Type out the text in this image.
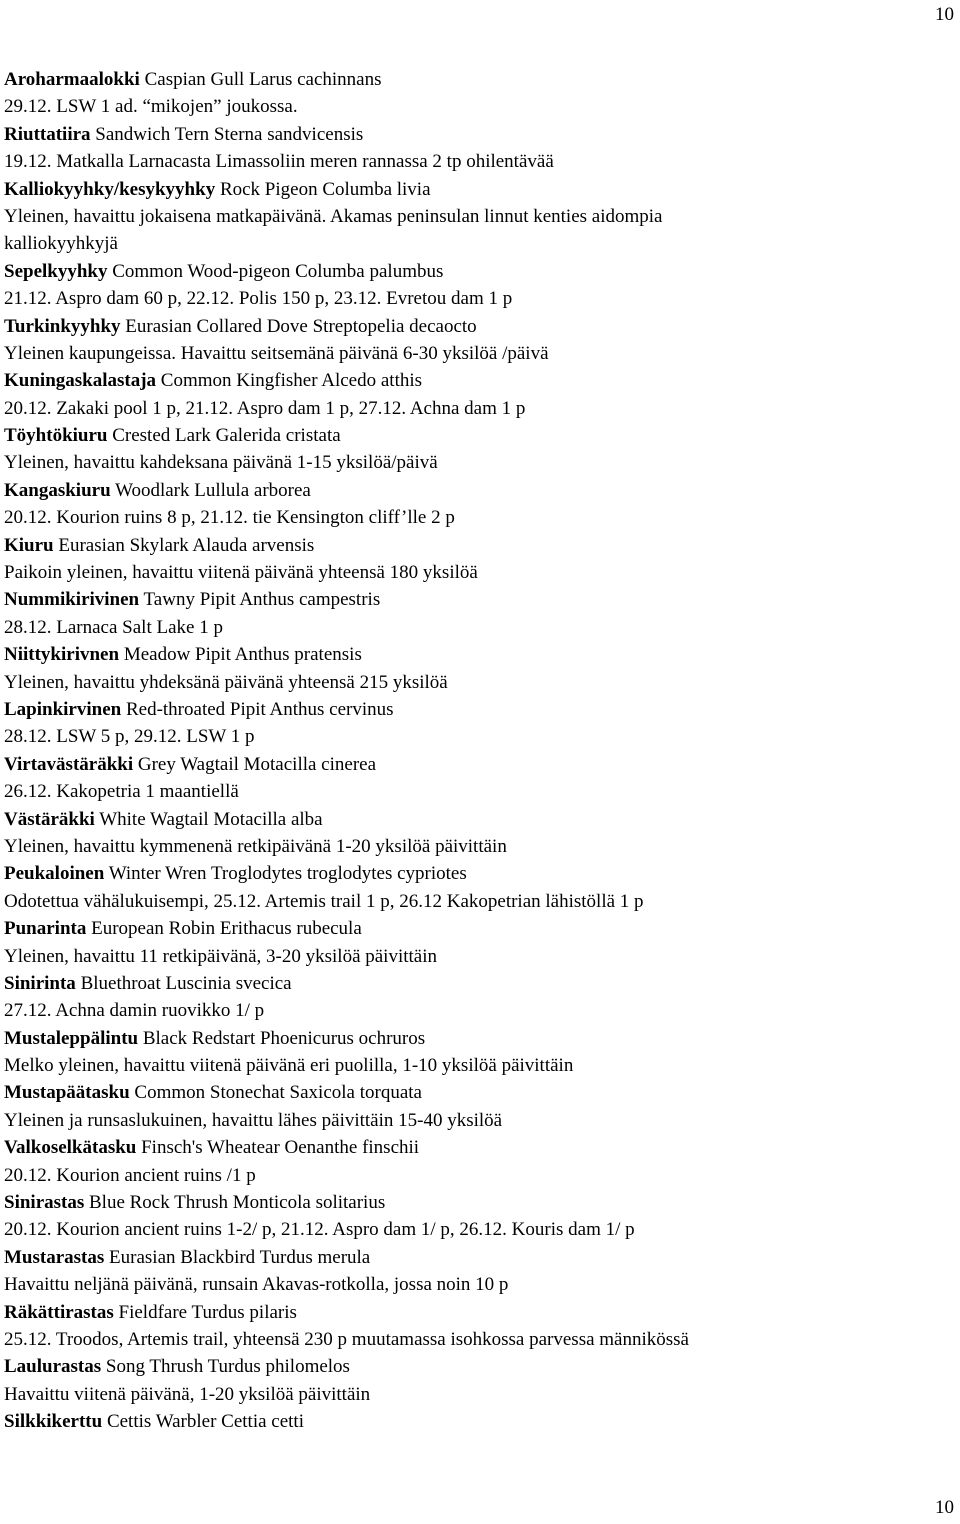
10
Aroharmaalokki Caspian Gull Larus cachinnans
29.12. LSW 1 ad. “mikojen” joukossa.
Riuttatiira Sandwich Tern Sterna sandvicensis
19.12. Matkalla Larnacasta Limassoliin meren rannassa 2 tp ohilentävää
Kalliokyyhky/kesykyyhky Rock Pigeon Columba livia
Yleinen, havaittu jokaisena matkapäivänä. Akamas peninsulan linnut kenties aidompia
kalliokyyhkyjä
Sepelkyyhky Common Wood-pigeon Columba palumbus
21.12. Aspro dam 60 p, 22.12. Polis 150 p, 23.12. Evretou dam 1 p
Turkinkyyhky Eurasian Collared Dove Streptopelia decaocto
Yleinen kaupungeissa. Havaittu seitsemänä päivänä 6-30 yksilöä /päivä
Kuningaskalastaja Common Kingfisher Alcedo atthis
20.12. Zakaki pool 1 p, 21.12. Aspro dam 1 p, 27.12. Achna dam 1 p
Töyhtökiuru Crested Lark Galerida cristata
Yleinen, havaittu kahdeksana päivänä 1-15 yksilöä/päivä
Kangaskiuru Woodlark Lullula arborea
20.12. Kourion ruins 8 p, 21.12. tie Kensington cliff’lle 2 p
Kiuru Eurasian Skylark Alauda arvensis
Paikoin yleinen, havaittu viitenä päivänä yhteensä 180 yksilöä
Nummikirivinen Tawny Pipit Anthus campestris
28.12. Larnaca Salt Lake 1 p
Niittykirivnen Meadow Pipit Anthus pratensis
Yleinen, havaittu yhdeksänä päivänä yhteensä 215 yksilöä
Lapinkirvinen Red-throated Pipit Anthus cervinus
28.12. LSW 5 p, 29.12. LSW 1 p
Virtavästäräkki Grey Wagtail Motacilla cinerea
26.12. Kakopetria 1 maantiellä
Västäräkki White Wagtail Motacilla alba
Yleinen, havaittu kymmenenä retkipäivänä 1-20 yksilöä päivittäin
Peukaloinen Winter Wren Troglodytes troglodytes cypriotes
Odotettua vähälukuisempi, 25.12. Artemis trail 1 p, 26.12 Kakopetrian lähistöllä 1 p
Punarinta European Robin Erithacus rubecula
Yleinen, havaittu 11 retkipäivänä, 3-20 yksilöä päivittäin
Sinirinta Bluethroat Luscinia svecica
27.12. Achna damin ruovikko 1/ p
Mustaleppälintu Black Redstart Phoenicurus ochruros
Melko yleinen, havaittu viitenä päivänä eri puolilla, 1-10 yksilöä päivittäin
Mustapäätasku Common Stonechat Saxicola torquata
Yleinen ja runsaslukuinen, havaittu lähes päivittäin 15-40 yksilöä
Valkoselkätasku Finsch's Wheatear Oenanthe finschii
20.12. Kourion ancient ruins /1 p
Sinirastas Blue Rock Thrush Monticola solitarius
20.12. Kourion ancient ruins 1-2/ p, 21.12. Aspro dam 1/ p, 26.12. Kouris dam 1/ p
Mustarastas Eurasian Blackbird Turdus merula
Havaittu neljänä päivänä, runsain Akavas-rotkolla, jossa noin 10 p
Räkättirastas Fieldfare Turdus pilaris
25.12. Troodos, Artemis trail, yhteensä 230 p muutamassa isohkossa parvessa männikössä
Laulurastas Song Thrush Turdus philomelos
Havaittu viitenä päivänä, 1-20 yksilöä päivittäin
Silkkikerttu Cettis Warbler Cettia cetti
10
